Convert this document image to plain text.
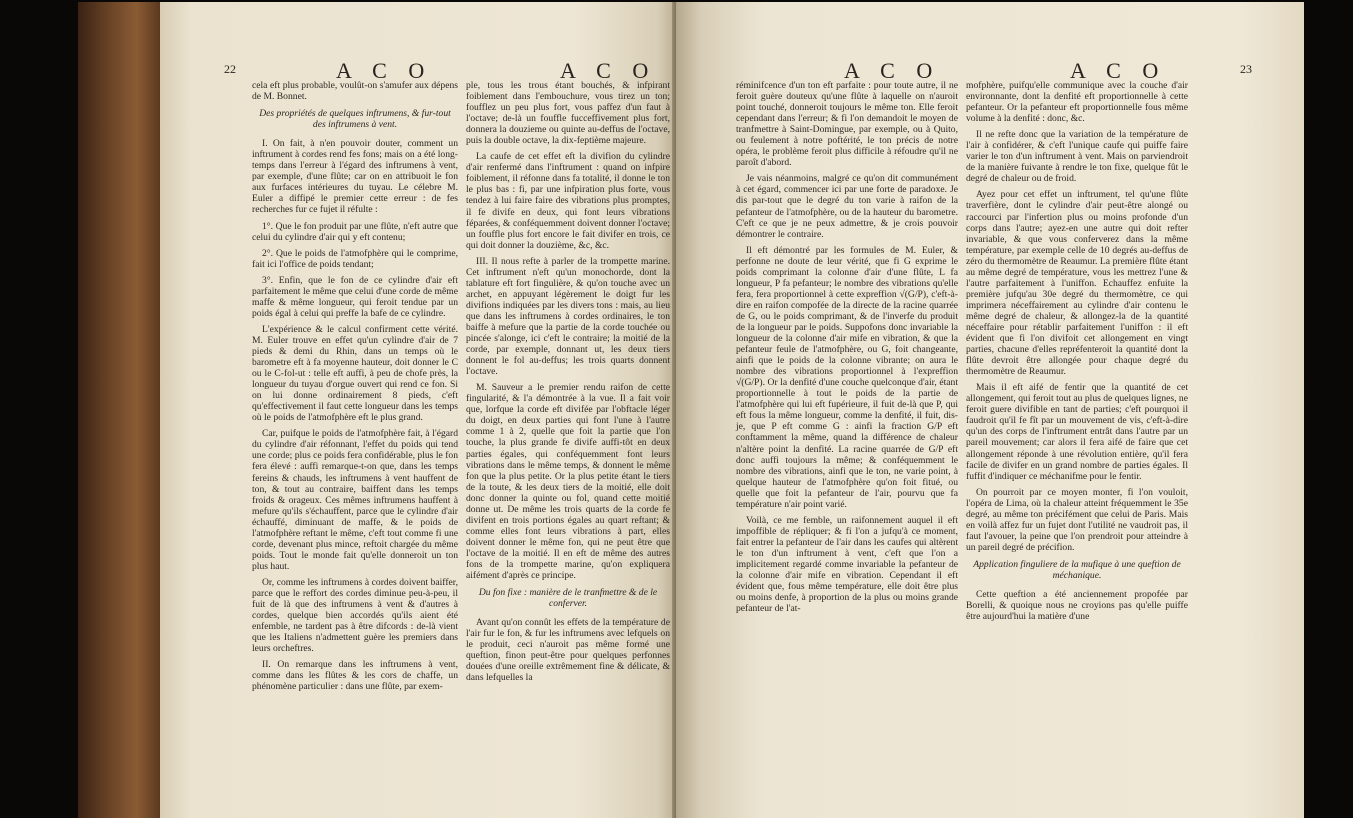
22	A C O	A C O

cela eft plus probable, voulût-on s'amufer aux dépens de M. Bonnet.

Des propriétés de quelques inftrumens, & fur-tout des inftrumens à vent.

I. On fait, à n'en pouvoir douter, comment un inftrument à cordes rend fes fons; mais on a été long-temps dans l'erreur à l'égard des inftrumens à vent, par exemple, d'une flûte; car on en attribuoit le fon aux furfaces intérieures du tuyau. Le célebre M. Euler a diffipé le premier cette erreur : de fes recherches fur ce fujet il réfulte :

1°. Que le fon produit par une flûte, n'eft autre que celui du cylindre d'air qui y eft contenu;

2°. Que le poids de l'atmofphère qui le comprime, fait ici l'office de poids tendant;

3°. Enfin, que le fon de ce cylindre d'air eft parfaitement le même que celui d'une corde de même maffe & même longueur, qui feroit tendue par un poids égal à celui qui preffe la bafe de ce cylindre.

L'expérience & le calcul confirment cette vérité. M. Euler trouve en effet qu'un cylindre d'air de 7 pieds & demi du Rhin, dans un temps où le barometre eft à fa moyenne hauteur, doit donner le C ou le C-fol-ut : telle eft auffi, à peu de chofe près, la longueur du tuyau d'orgue ouvert qui rend ce fon. Si on lui donne ordinairement 8 pieds, c'eft qu'effectivement il faut cette longueur dans les temps où le poids de l'atmofphère eft le plus grand.

Car, puifque le poids de l'atmofphère fait, à l'égard du cylindre d'air réfonnant, l'effet du poids qui tend une corde; plus ce poids fera confidérable, plus le fon fera élevé : auffi remarque-t-on que, dans les temps fereins & chauds, les inftrumens à vent hauffent de ton, & tout au contraire, baiffent dans les temps froids & orageux. Ces mêmes inftrumens hauffent à mefure qu'ils s'échauffent, parce que le cylindre d'air échauffé, diminuant de maffe, & le poids de l'atmofphère reftant le même, c'eft tout comme fi une corde, devenant plus mince, reftoit chargée du même poids. Tout le monde fait qu'elle donneroit un ton plus haut.

Or, comme les inftrumens à cordes doivent baiffer, parce que le reffort des cordes diminue peu-à-peu, il fuit de là que des inftrumens à vent & d'autres à cordes, quelque bien accordés qu'ils aient été enfemble, ne tardent pas à être difcords : de-là vient que les Italiens n'admettent guère les premiers dans leurs orcheftres.

II. On remarque dans les inftrumens à vent, comme dans les flûtes & les cors de chaffe, un phénomène particulier : dans une flûte, par exem-

ple, tous les trous étant bouchés, & infpirant foiblement dans l'embouchure, vous tirez un ton; foufflez un peu plus fort, vous paffez d'un faut à l'octave; de-là un fouffle fucceffivement plus fort, donnera la douzieme ou quinte au-deffus de l'octave, puis la double octave, la dix-feptième majeure.

La caufe de cet effet eft la divifion du cylindre d'air renfermé dans l'inftrument : quand on infpire foiblement, il réfonne dans fa totalité, il donne le ton le plus bas : fi, par une infpiration plus forte, vous tendez à lui faire faire des vibrations plus promptes, il fe divife en deux, qui font leurs vibrations féparées, & conféquemment doivent donner l'octave; un fouffle plus fort encore le fait divifer en trois, ce qui doit donner la douzième, &c, &c.

III. Il nous refte à parler de la trompette marine. Cet inftrument n'eft qu'un monochorde, dont la tablature eft fort fingulière, & qu'on touche avec un archet, en appuyant légèrement le doigt fur les divifions indiquées par les divers tons : mais, au lieu que dans les inftrumens à cordes ordinaires, le ton baiffe à mefure que la partie de la corde touchée ou pincée s'alonge, ici c'eft le contraire; la moitié de la corde, par exemple, donnant ut, les deux tiers donnent le fol au-deffus; les trois quarts donnent l'octave.

M. Sauveur a le premier rendu raifon de cette fingularité, & l'a démontrée à la vue. Il a fait voir que, lorfque la corde eft divifée par l'obftacle léger du doigt, en deux parties qui font l'une à l'autre comme 1 à 2, quelle que foit la partie que l'on touche, la plus grande fe divife auffi-tôt en deux parties égales, qui conféquemment font leurs vibrations dans le même temps, & donnent le même fon que la plus petite. Or la plus petite étant le tiers de la toute, & les deux tiers de la moitié, elle doit donc donner la quinte ou fol, quand cette moitié donne ut. De même les trois quarts de la corde fe divifent en trois portions égales au quart reftant; & comme elles font leurs vibrations à part, elles doivent donner le même fon, qui ne peut être que l'octave de la moitié. Il en eft de même des autres fons de la trompette marine, qu'on expliquera aifément d'après ce principe.

Du fon fixe : manière de le tranfmettre & de le conferver.

Avant qu'on connût les effets de la température de l'air fur le fon, & fur les inftrumens avec lefquels on le produit, ceci n'auroit pas même formé une queftion, finon peut-être pour quelques perfonnes douées d'une oreille extrêmement fine & délicate, & dans lefquelles la

A C O	A C O	23

réminifcence d'un ton eft parfaite : pour toute autre, il ne feroit guère douteux qu'une flûte à laquelle on n'auroit point touché, donneroit toujours le même ton. Elle feroit cependant dans l'erreur; & fi l'on demandoit le moyen de tranfmettre à Saint-Domingue, par exemple, ou à Quito, ou feulement à notre poftérité, le ton précis de notre opéra, le problème feroit plus difficile à réfoudre qu'il ne paroît d'abord.

Je vais néanmoins, malgré ce qu'on dit communément à cet égard, commencer ici par une forte de paradoxe. Je dis par-tout que le degré du ton varie à raifon de la pefanteur de l'atmofphère, ou de la hauteur du barometre. C'eft ce que je ne peux admettre, & je crois pouvoir démontrer le contraire.

Il eft démontré par les formules de M. Euler, & perfonne ne doute de leur vérité, que fi G exprime le poids comprimant la colonne d'air d'une flûte, L fa longueur, P fa pefanteur; le nombre des vibrations qu'elle fera, fera proportionnel à cette expreffion √(G/P), c'eft-à-dire en raifon compofée de la directe de la racine quarrée de G, ou le poids comprimant, & de l'inverfe du produit de la longueur par le poids. Suppofons donc invariable la longueur de la colonne d'air mife en vibration, & que la pefanteur feule de l'atmofphère, ou G, foit changeante, ainfi que le poids de la colonne vibrante; on aura le nombre des vibrations proportionnel à l'expreffion √(G/P). Or la denfité d'une couche quelconque d'air, étant proportionnelle à tout le poids de la partie de l'atmofphère qui lui eft fupérieure, il fuit de-là que P, qui eft fous la même longueur, comme la denfité, il fuit, dis-je, que P eft comme G : ainfi la fraction G/P eft conftamment la même, quand la différence de chaleur n'altère point la denfité. La racine quarrée de G/P eft donc auffi toujours la même; & conféquemment le nombre des vibrations, ainfi que le ton, ne varie point, à quelque hauteur de l'atmofphère qu'on foit fitué, ou quelle que foit la pefanteur de l'air, pourvu que fa température n'air point varié.

Voilà, ce me femble, un raifonnement auquel il eft impoffible de répliquer; & fi l'on a jufqu'à ce moment, fait entrer la pefanteur de l'air dans les caufes qui altèrent le ton d'un inftrument à vent, c'eft que l'on a implicitement regardé comme invariable la pefanteur de la colonne d'air mife en vibration. Cependant il eft évident que, fous même température, elle doit être plus ou moins denfe, à proportion de la plus ou moins grande pefanteur de l'at-

mofphère, puifqu'elle communique avec la couche d'air environnante, dont la denfité eft proportionnelle à cette pefanteur. Or la pefanteur eft proportionnelle fous même volume à la denfité : donc, &c.

Il ne refte donc que la variation de la température de l'air à confidérer, & c'eft l'unique caufe qui puiffe faire varier le ton d'un inftrument à vent. Mais on parviendroit de la manière fuivante à rendre le ton fixe, quelque fût le degré de chaleur ou de froid.

Ayez pour cet effet un inftrument, tel qu'une flûte traverfière, dont le cylindre d'air peut-être alongé ou raccourci par l'infertion plus ou moins profonde d'un corps dans l'autre; ayez-en une autre qui doit refter invariable, & que vous conferverez dans la même température, par exemple celle de 10 degrés au-deffus de zéro du thermomètre de Reaumur. La première flûte étant au même degré de température, vous les mettrez l'une & l'autre parfaitement à l'uniffon. Echauffez enfuite la première jufqu'au 30e degré du thermomètre, ce qui imprimera néceffairement au cylindre d'air contenu le même degré de chaleur, & allongez-la de la quantité néceffaire pour rétablir parfaitement l'uniffon : il eft évident que fi l'on divifoit cet allongement en vingt parties, chacune d'elles repréfenteroit la quantité dont la flûte devroit être allongée pour chaque degré du thermomètre de Reaumur.

Mais il eft aifé de fentir que la quantité de cet allongement, qui feroit tout au plus de quelques lignes, ne feroit guere divifible en tant de parties; c'eft pourquoi il faudroit qu'il fe fît par un mouvement de vis, c'eft-à-dire qu'un des corps de l'inftrument entrât dans l'autre par un pareil mouvement; car alors il fera aifé de faire que cet allongement réponde à une révolution entière, qu'il fera facile de divifer en un grand nombre de parties égales. Il fuffit d'indiquer ce méchanifme pour le fentir.

On pourroit par ce moyen monter, fi l'on vouloit, l'opéra de Lima, où la chaleur atteint fréquemment le 35e degré, au même ton précifément que celui de Paris. Mais en voilà affez fur un fujet dont l'utilité ne vaudroit pas, il faut l'avouer, la peine que l'on prendroit pour atteindre à un pareil degré de précifion.

Application finguliere de la mufique à une queftion de méchanique.

Cette queftion a été anciennement propofée par Borelli, & quoique nous ne croyions pas qu'elle puiffe être aujourd'hui la matière d'une
